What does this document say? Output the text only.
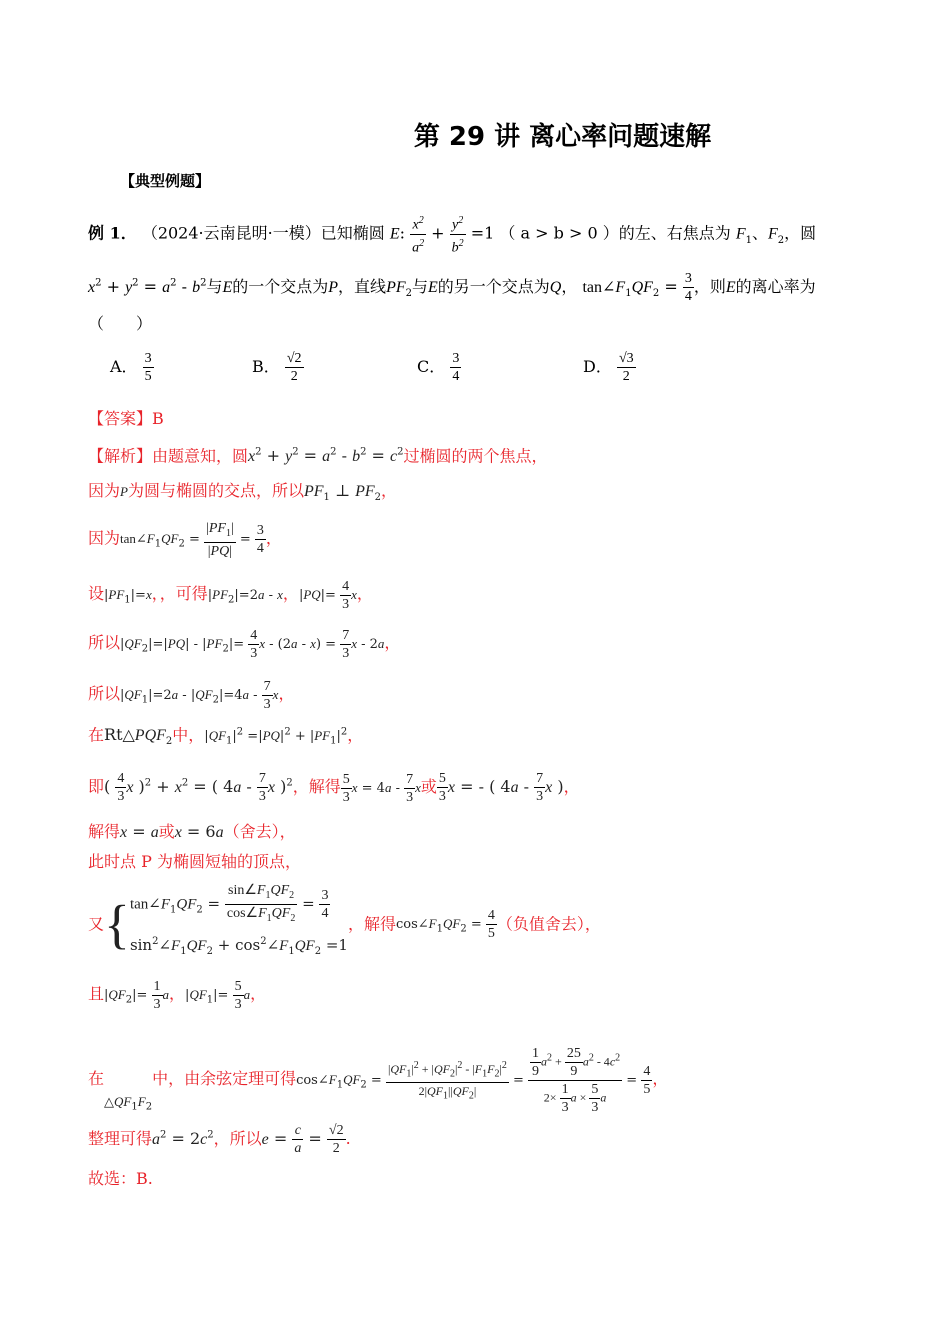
第 29 讲 离心率问题速解
【典型例题】
例 1． （2024·云南昆明·一模）已知椭圆 E: $\frac{x^2}{a^2} + \frac{y^2}{b^2} =1$ （ a > b > 0 ）的左、右焦点为 $F_1$、$F_2$，圆
$x^2 + y^2 = a^2 - b^2$与E的一个交点为P，直线$PF_2$与E的另一个交点为Q， $\tan\angle F_1QF_2 = \frac{3}{4}$ ，则E的离心率为
（　　）
A． $\frac{3}{5}$	B． $\frac{√2}{2}$	C． $\frac{3}{4}$	D． $\frac{√3}{2}$
【答案】B
【解析】由题意知，圆$x^2 + y^2 = a^2 - b^2 = c^2$过椭圆的两个焦点，
因为P为圆与椭圆的交点，所以$PF_1$ ⊥ $PF_2$，
因为$\tan\angle F_1QF_2 = \frac{|PF_1|}{|PQ|} = \frac{3}{4}$ ，
设$|PF_1|=x$，，可得$|PF_2|=2a - x$，$|PQ|= \frac{4}{3}$ x，
所以$|QF_2|=|PQ| - |PF_2|= \frac{4}{3}$ $x - (2a - x) = \frac{7}{3}$ x - 2a，
所以$|QF_1|=2a - |QF_2|=4a - \frac{7}{3}$ x，
在$Rt\triangle PQF_2$中，$|QF_1|^2 =|PQ|^2 + |PF_1|^2$，
即( $\frac{4}{3}$ x )$^2 + x^2$ = ( $4a - \frac{7}{3}$ x )$^2$，解得 $\frac{5}{3}$ $x = 4a - \frac{7}{3}$ x或 $\frac{5}{3}$ x = - ( $4a - \frac{7}{3}$ x )，
解得x = a或x = 6a（舍去），
此时点 P 为椭圆短轴的顶点，
又{ $\tan\angle F_1QF_2 = \frac{\sin\angle F_1QF_2}{\cos\angle F_1QF_2} = \frac{3}{4}$
$\sin^2\angle F_1QF_2$ + $\cos^2\angle F_1QF_2 =1$
，解得$\cos\angle F_1QF_2 = \frac{4}{5}$ （负值舍去），
且$|QF_2|= \frac{1}{3}$ a，$|QF_1|= \frac{5}{3}$ a，
在$_{\triangle QF_1F_2}$中，由余弦定理可得$\cos\angle F_1QF_2 = \frac{|QF_1|^2 + |QF_2|^2 - |F_1F_2|^2}{2|QF_1||QF_2|} = \frac{\frac{1}{9} a^2 + \frac{25}{9} a^2 - 4c^2}{2\times \frac{1}{3} a \times \frac{5}{3} a} = \frac{4}{5}$ ，
整理可得$a^2 = 2c^2$，所以$e = \frac{c}{a} = \frac{√2}{2}$ .
故选：B.
